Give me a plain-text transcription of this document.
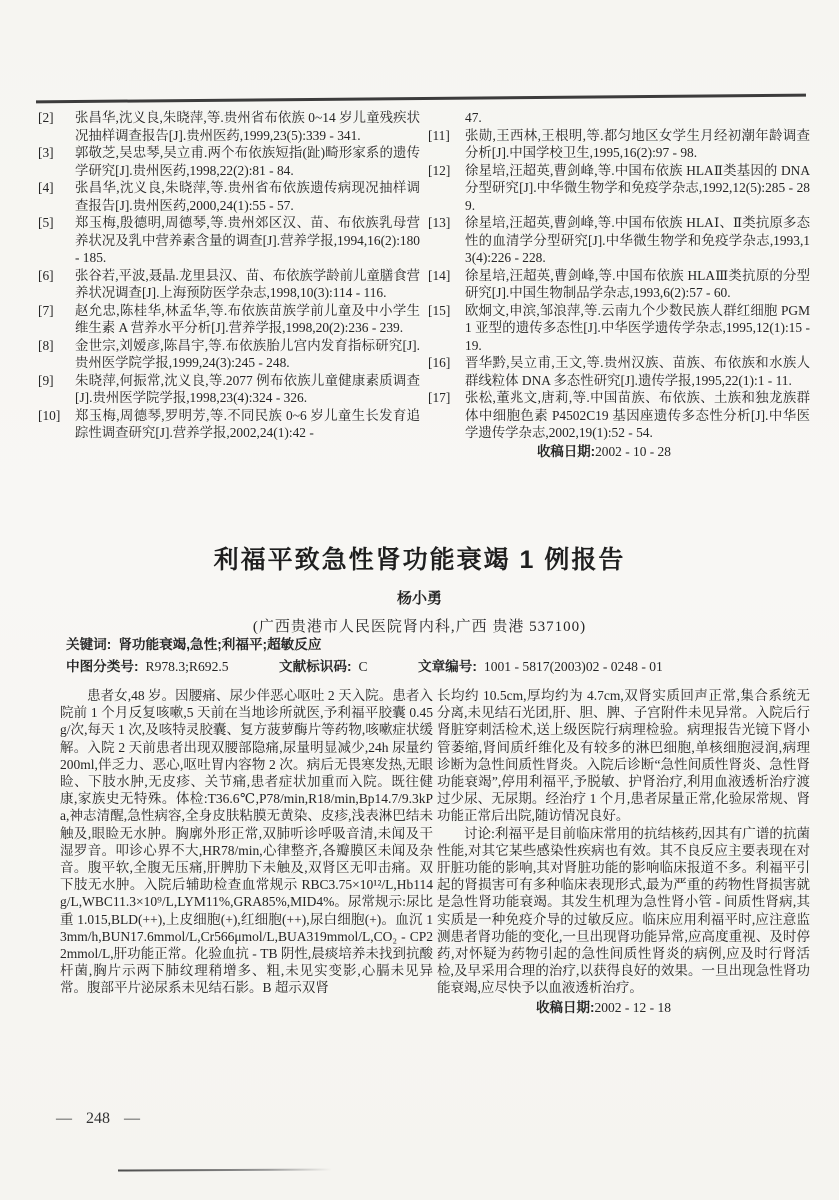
[2]	张昌华,沈义良,朱晓萍,等.贵州省布依族 0~14 岁儿童残疾状况抽样调查报告[J].贵州医药,1999,23(5):339 - 341.
[3]	郭敬芝,吴忠琴,吴立甫.两个布依族短指(趾)畸形家系的遗传学研究[J].贵州医药,1998,22(2):81 - 84.
[4]	张昌华,沈义良,朱晓萍,等.贵州省布依族遗传病现况抽样调查报告[J].贵州医药,2000,24(1):55 - 57.
[5]	郑玉梅,殷德明,周德琴,等.贵州郊区汉、苗、布依族乳母营养状况及乳中营养素含量的调查[J].营养学报,1994,16(2):180 - 185.
[6]	张谷若,平波,聂晶.龙里县汉、苗、布依族学龄前儿童膳食营养状况调查[J].上海预防医学杂志,1998,10(3):114 - 116.
[7]	赵允忠,陈桂华,林孟华,等.布依族苗族学前儿童及中小学生维生素 A 营养水平分析[J].营养学报,1998,20(2):236 - 239.
[8]	金世宗,刘嫒彦,陈昌宇,等.布依族胎儿宫内发育指标研究[J].贵州医学院学报,1999,24(3):245 - 248.
[9]	朱晓萍,何振常,沈义良,等.2077 例布依族儿童健康素质调查[J].贵州医学院学报,1998,23(4):324 - 326.
[10]	郑玉梅,周德琴,罗明芳,等.不同民族 0~6 岁儿童生长发育追踪性调查研究[J].营养学报,2002,24(1):42 -
47.
[11]	张勋,王西林,王根明,等.都匀地区女学生月经初潮年龄调查分析[J].中国学校卫生,1995,16(2):97 - 98.
[12]	徐星培,汪超英,曹剑峰,等.中国布依族 HLAⅡ类基因的 DNA 分型研究[J].中华微生物学和免疫学杂志,1992,12(5):285 - 289.
[13]	徐星培,汪超英,曹剑峰,等.中国布依族 HLAⅠ、Ⅱ类抗原多态性的血清学分型研究[J].中华微生物学和免疫学杂志,1993,13(4):226 - 228.
[14]	徐星培,汪超英,曹剑峰,等.中国布依族 HLAⅢ类抗原的分型研究[J].中国生物制品学杂志,1993,6(2):57 - 60.
[15]	欧炯文,申滨,邹浪萍,等.云南九个少数民族人群红细胞 PGM1 亚型的遗传多态性[J].中华医学遗传学杂志,1995,12(1):15 - 19.
[16]	晋华黔,吴立甫,王文,等.贵州汉族、苗族、布依族和水族人群线粒体 DNA 多态性研究[J].遗传学报,1995,22(1):1 - 11.
[17]	张松,董兆文,唐莉,等.中国苗族、布依族、土族和独龙族群体中细胞色素 P4502C19 基因座遗传多态性分析[J].中华医学遗传学杂志,2002,19(1):52 - 54.
收稿日期:2002 - 10 - 28
利福平致急性肾功能衰竭 1 例报告
杨小勇
(广西贵港市人民医院肾内科,广西 贵港 537100)
关键词: 肾功能衰竭,急性;利福平;超敏反应
中图分类号: R978.3;R692.5	文献标识码: C	文章编号: 1001 - 5817(2003)02 - 0248 - 01

患者女,48 岁。因腰痛、尿少伴恶心呕吐 2 天入院。患者入院前 1 个月反复咳嗽,5 天前在当地诊所就医,予利福平胶囊 0.45g/次,每天 1 次,及咳特灵胶囊、复方菠萝酶片等药物,咳嗽症状缓解。入院 2 天前患者出现双腰部隐痛,尿量明显减少,24h 尿量约 200ml,伴乏力、恶心,呕吐胃内容物 2 次。病后无畏寒发热,无眼睑、下肢水肿,无皮疹、关节痛,患者症状加重而入院。既往健康,家族史无特殊。体检:T36.6℃,P78/min,R18/min,Bp14.7/9.3kPa,神志清醒,急性病容,全身皮肤粘膜无黄染、皮疹,浅表淋巴结未触及,眼睑无水肿。胸廓外形正常,双肺听诊呼吸音清,未闻及干湿罗音。叩诊心界不大,HR78/min,心律整齐,各瓣膜区未闻及杂音。腹平软,全腹无压痛,肝脾肋下未触及,双肾区无叩击痛。双下肢无水肿。入院后辅助检查血常规示 RBC3.75×10¹²/L,Hb114g/L,WBC11.3×10⁹/L,LYM11%,GRA85%,MID4%。尿常规示:尿比重 1.015,BLD(++),上皮细胞(+),红细胞(++),尿白细胞(+)。血沉 13mm/h,BUN17.6mmol/L,Cr566μmol/L,BUA319mmol/L,CO₂ - CP22mmol/L,肝功能正常。化验血抗 - TB 阴性,晨痰培养未找到抗酸杆菌,胸片示两下肺纹理稍增多、粗,未见实变影,心膈未见异常。腹部平片泌尿系未见结石影。B 超示双肾

长均约 10.5cm,厚均约为 4.7cm,双肾实质回声正常,集合系统无分离,未见结石光团,肝、胆、脾、子宫附件未见异常。入院后行肾脏穿刺活检术,送上级医院行病理检验。病理报告光镜下肾小管萎缩,肾间质纤维化及有较多的淋巴细胞,单核细胞浸润,病理诊断为急性间质性肾炎。入院后诊断“急性间质性肾炎、急性肾功能衰竭”,停用利福平,予脱敏、护肾治疗,利用血液透析治疗渡过少尿、无尿期。经治疗 1 个月,患者尿量正常,化验尿常规、肾功能正常后出院,随访情况良好。

讨论:利福平是目前临床常用的抗结核药,因其有广谱的抗菌性能,对其它某些感染性疾病也有效。其不良反应主要表现在对肝脏功能的影响,其对肾脏功能的影响临床报道不多。利福平引起的肾损害可有多种临床表现形式,最为严重的药物性肾损害就是急性肾功能衰竭。其发生机理为急性肾小管 - 间质性肾病,其实质是一种免疫介导的过敏反应。临床应用利福平时,应注意监测患者肾功能的变化,一旦出现肾功能异常,应高度重视、及时停药,对怀疑为药物引起的急性间质性肾炎的病例,应及时行肾活检,及早采用合理的治疗,以获得良好的效果。一旦出现急性肾功能衰竭,应尽快予以血液透析治疗。

收稿日期:2002 - 12 - 18
— 248 —
